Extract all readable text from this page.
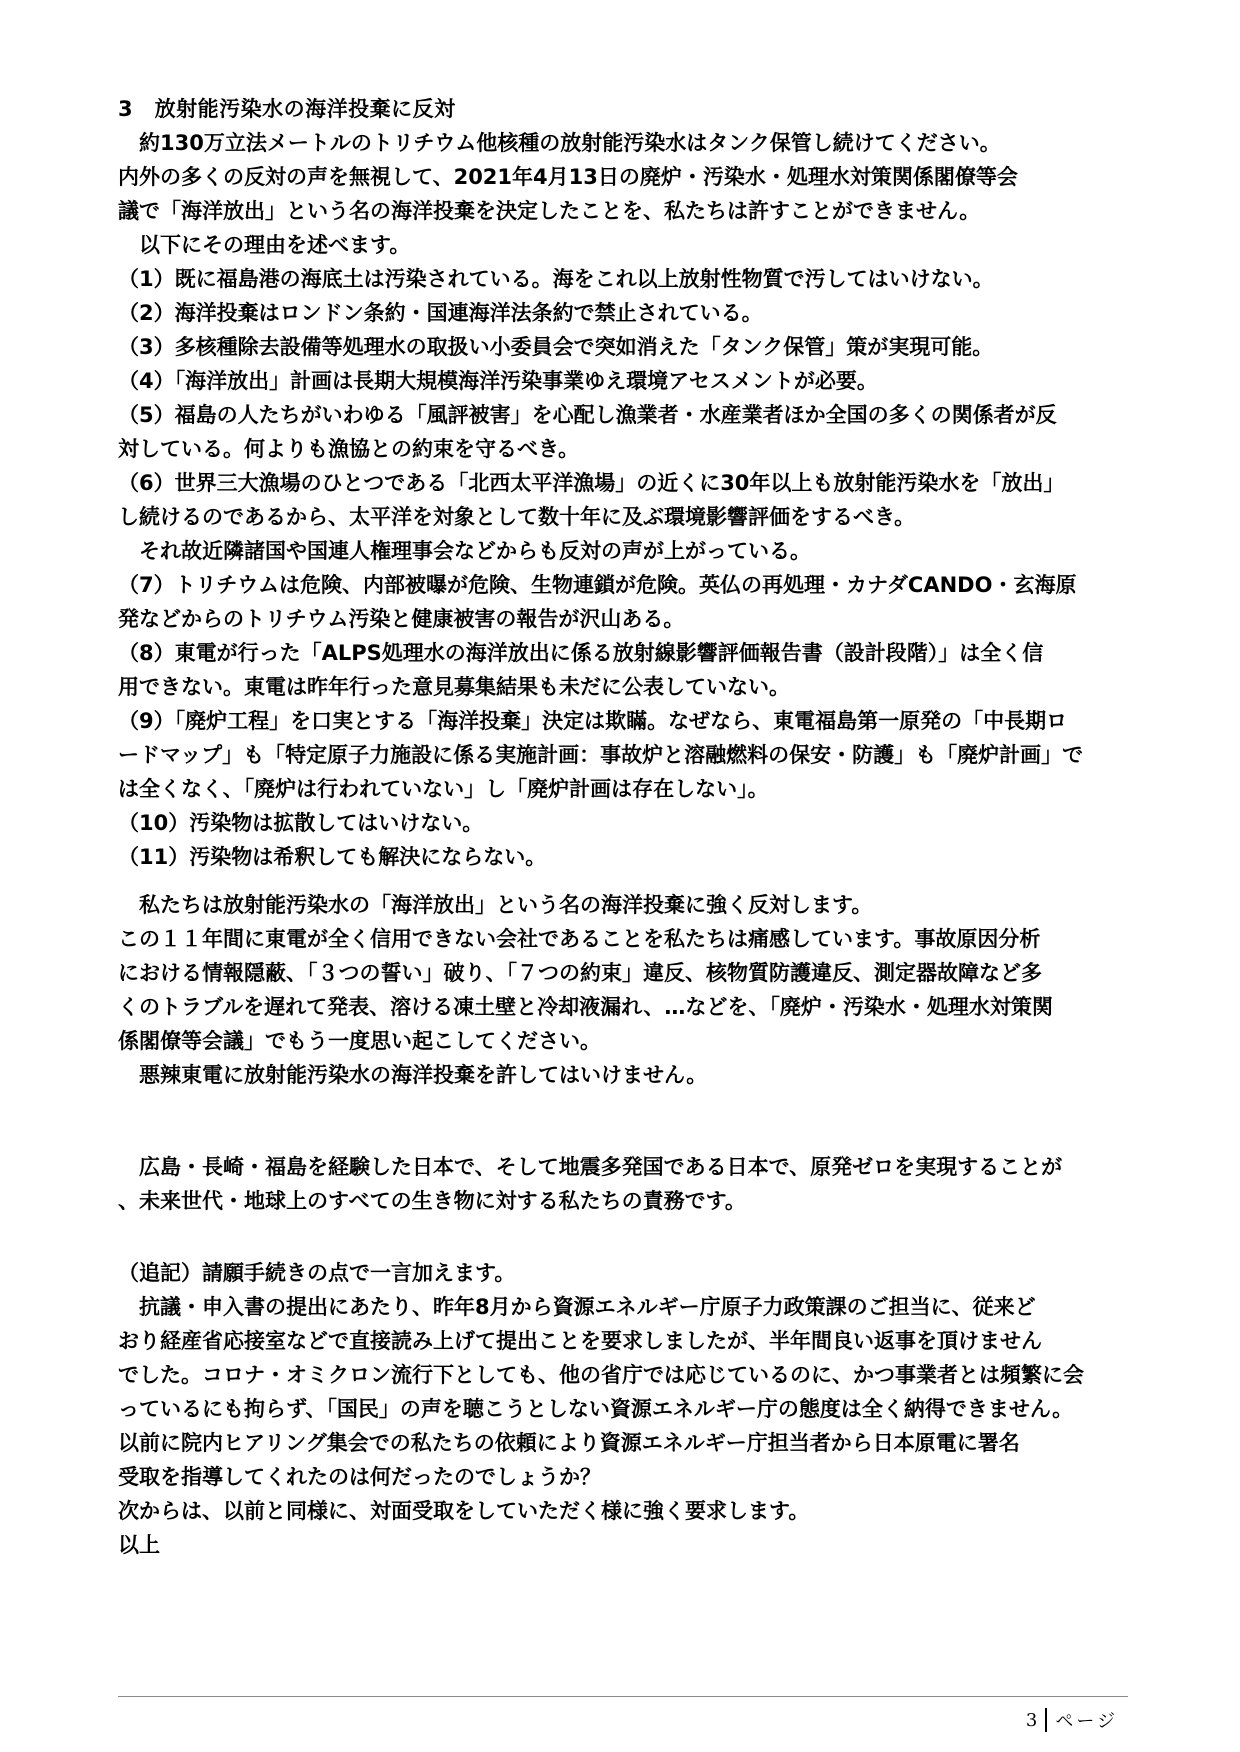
3　放射能汚染水の海洋投棄に反対
　約130万立法メートルのトリチウム他核種の放射能汚染水はタンク保管し続けてください。
内外の多くの反対の声を無視して、2021年4月13日の廃炉・汚染水・処理水対策関係閣僚等会
議で「海洋放出」という名の海洋投棄を決定したことを、私たちは許すことができません。
　以下にその理由を述べます。
（1）既に福島港の海底土は汚染されている。海をこれ以上放射性物質で汚してはいけない。
（2）海洋投棄はロンドン条約・国連海洋法条約で禁止されている。
（3）多核種除去設備等処理水の取扱い小委員会で突如消えた「タンク保管」策が実現可能。
（4）「海洋放出」計画は長期大規模海洋汚染事業ゆえ環境アセスメントが必要。
（5）福島の人たちがいわゆる「風評被害」を心配し漁業者・水産業者ほか全国の多くの関係者が反
対している。何よりも漁協との約束を守るべき。
（6）世界三大漁場のひとつである「北西太平洋漁場」の近くに30年以上も放射能汚染水を「放出」
し続けるのであるから、太平洋を対象として数十年に及ぶ環境影響評価をするべき。
　それ故近隣諸国や国連人権理事会などからも反対の声が上がっている。
（7）トリチウムは危険、内部被曝が危険、生物連鎖が危険。英仏の再処理・カナダCANDO・玄海原
発などからのトリチウム汚染と健康被害の報告が沢山ある。
（8）東電が行った「ALPS処理水の海洋放出に係る放射線影響評価報告書（設計段階）」は全く信
用できない。東電は昨年行った意見募集結果も未だに公表していない。
（9）「廃炉工程」を口実とする「海洋投棄」決定は欺瞞。なぜなら、東電福島第一原発の「中長期ロ
ードマップ」も「特定原子力施設に係る実施計画：事故炉と溶融燃料の保安・防護」も「廃炉計画」で
は全くなく、「廃炉は行われていない」し「廃炉計画は存在しない」。
（10）汚染物は拡散してはいけない。
（11）汚染物は希釈しても解決にならない。
　私たちは放射能汚染水の「海洋放出」という名の海洋投棄に強く反対します。
この１１年間に東電が全く信用できない会社であることを私たちは痛感しています。事故原因分析
における情報隠蔽、「３つの誓い」破り、「７つの約束」違反、核物質防護違反、測定器故障など多
くのトラブルを遅れて発表、溶ける凍土壁と冷却液漏れ、…などを、「廃炉・汚染水・処理水対策関
係閣僚等会議」でもう一度思い起こしてください。
　悪辣東電に放射能汚染水の海洋投棄を許してはいけません。
　広島・長崎・福島を経験した日本で、そして地震多発国である日本で、原発ゼロを実現することが
、未来世代・地球上のすべての生き物に対する私たちの責務です。
（追記）請願手続きの点で一言加えます。
　抗議・申入書の提出にあたり、昨年8月から資源エネルギー庁原子力政策課のご担当に、従来ど
おり経産省応接室などで直接読み上げて提出ことを要求しましたが、半年間良い返事を頂けません
でした。コロナ・オミクロン流行下としても、他の省庁では応じているのに、かつ事業者とは頻繁に会
っているにも拘らず、「国民」の声を聴こうとしない資源エネルギー庁の態度は全く納得できません。
以前に院内ヒアリング集会での私たちの依頼により資源エネルギー庁担当者から日本原電に署名
受取を指導してくれたのは何だったのでしょうか？
次からは、以前と同様に、対面受取をしていただく様に強く要求します。
以上
3 ページ
